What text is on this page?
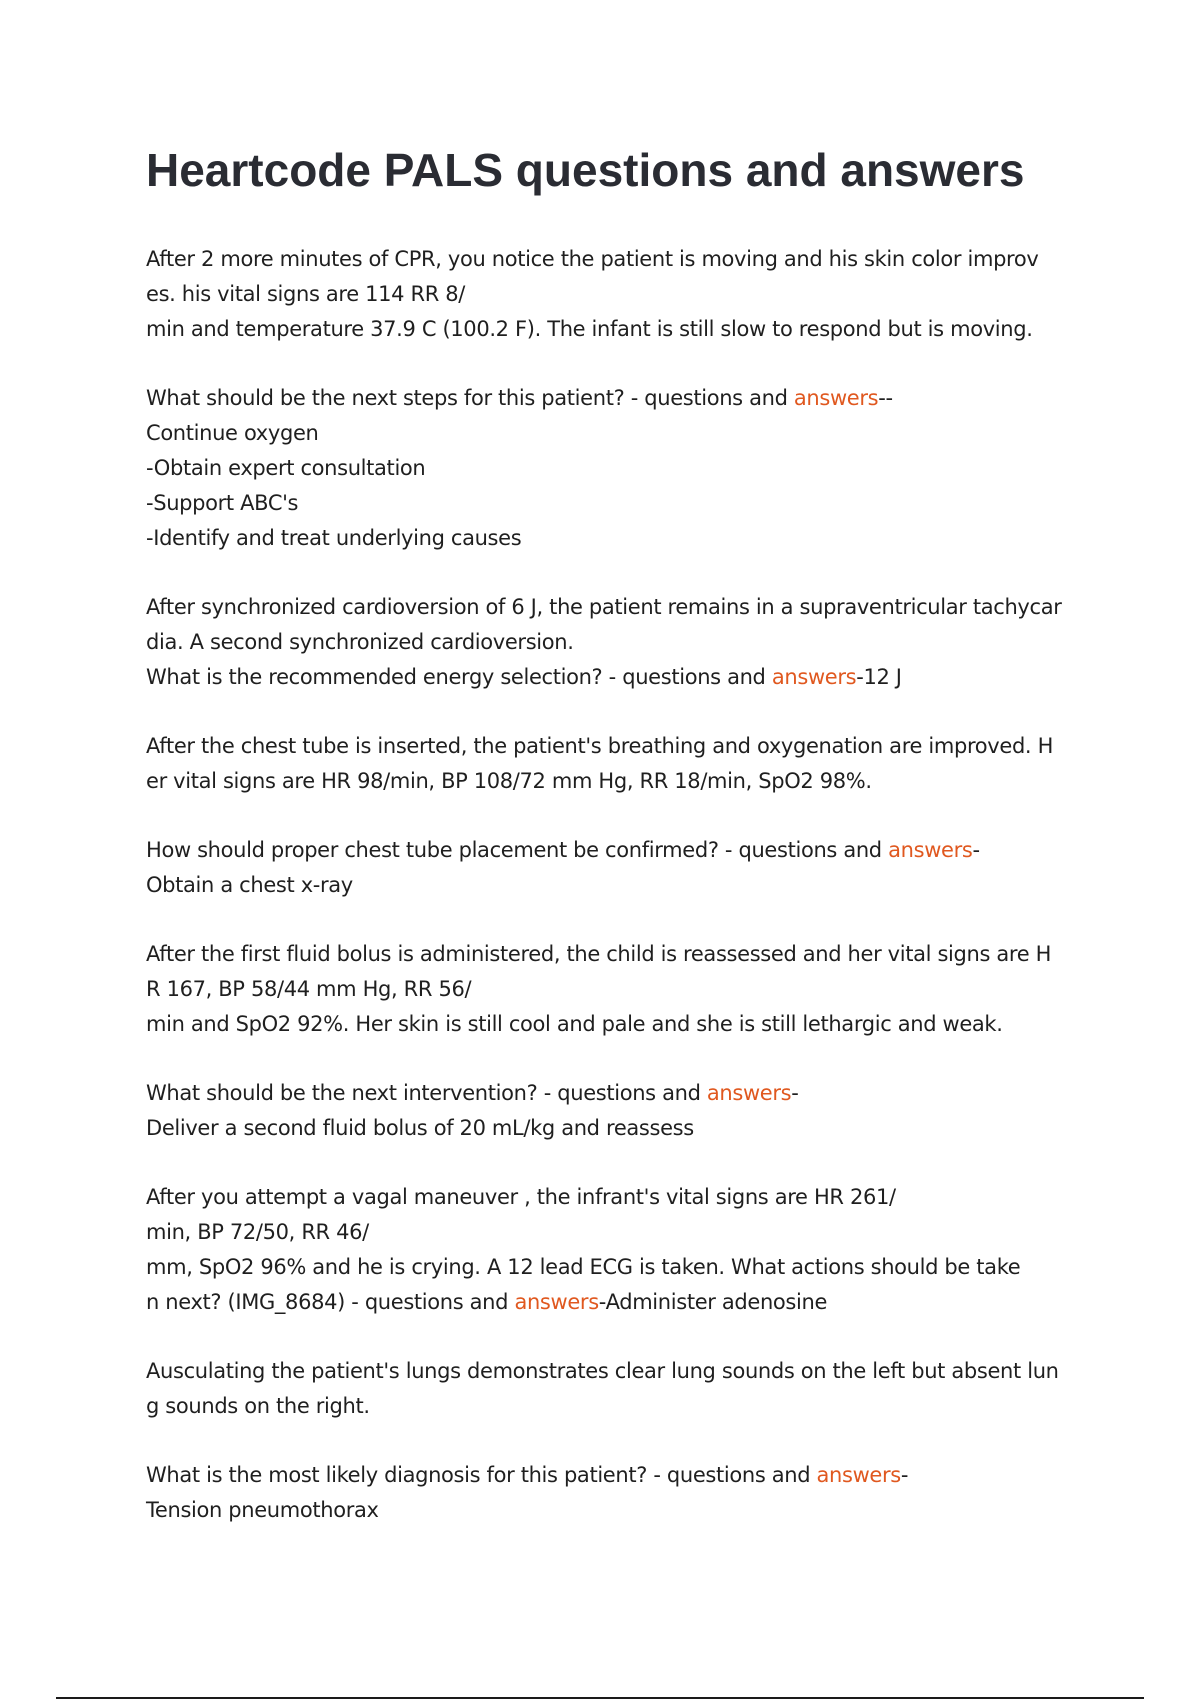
Heartcode PALS questions and answers
After 2 more minutes of CPR, you notice the patient is moving and his skin color improv
es. his vital signs are 114 RR 8/
min and temperature 37.9 C (100.2 F). The infant is still slow to respond but is moving.
What should be the next steps for this patient? - questions and answers--
Continue oxygen
-Obtain expert consultation
-Support ABC's
-Identify and treat underlying causes
After synchronized cardioversion of 6 J, the patient remains in a supraventricular tachycar
dia. A second synchronized cardioversion.
What is the recommended energy selection? - questions and answers-12 J
After the chest tube is inserted, the patient's breathing and oxygenation are improved. H
er vital signs are HR 98/min, BP 108/72 mm Hg, RR 18/min, SpO2 98%.
How should proper chest tube placement be confirmed? - questions and answers-
Obtain a chest x-ray
After the first fluid bolus is administered, the child is reassessed and her vital signs are H
R 167, BP 58/44 mm Hg, RR 56/
min and SpO2 92%. Her skin is still cool and pale and she is still lethargic and weak.
What should be the next intervention? - questions and answers-
Deliver a second fluid bolus of 20 mL/kg and reassess
After you attempt a vagal maneuver , the infrant's vital signs are HR 261/
min, BP 72/50, RR 46/
mm, SpO2 96% and he is crying. A 12 lead ECG is taken. What actions should be take
n next? (IMG_8684) - questions and answers-Administer adenosine
Ausculating the patient's lungs demonstrates clear lung sounds on the left but absent lun
g sounds on the right.
What is the most likely diagnosis for this patient? - questions and answers-
Tension pneumothorax
